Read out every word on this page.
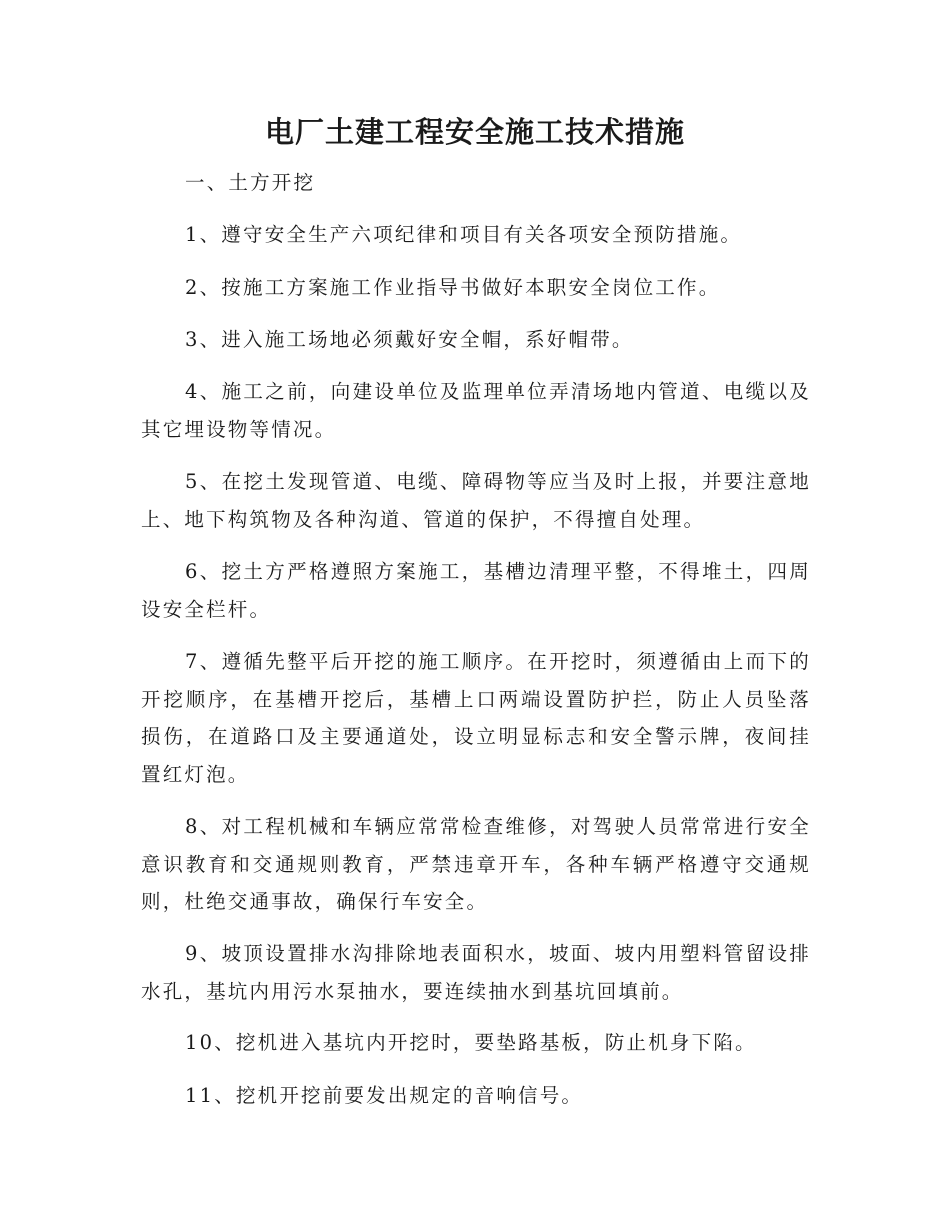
电厂土建工程安全施工技术措施

一、土方开挖

1、遵守安全生产六项纪律和项目有关各项安全预防措施。

2、按施工方案施工作业指导书做好本职安全岗位工作。

3、进入施工场地必须戴好安全帽，系好帽带。

4、施工之前，向建设单位及监理单位弄清场地内管道、电缆以及其它埋设物等情况。

5、在挖土发现管道、电缆、障碍物等应当及时上报，并要注意地上、地下构筑物及各种沟道、管道的保护，不得擅自处理。

6、挖土方严格遵照方案施工，基槽边清理平整，不得堆土，四周设安全栏杆。

7、遵循先整平后开挖的施工顺序。在开挖时，须遵循由上而下的开挖顺序，在基槽开挖后，基槽上口两端设置防护拦，防止人员坠落损伤，在道路口及主要通道处，设立明显标志和安全警示牌，夜间挂置红灯泡。

8、对工程机械和车辆应常常检查维修，对驾驶人员常常进行安全意识教育和交通规则教育，严禁违章开车，各种车辆严格遵守交通规则，杜绝交通事故，确保行车安全。

9、坡顶设置排水沟排除地表面积水，坡面、坡内用塑料管留设排水孔，基坑内用污水泵抽水，要连续抽水到基坑回填前。

10、挖机进入基坑内开挖时，要垫路基板，防止机身下陷。

11、挖机开挖前要发出规定的音响信号。
